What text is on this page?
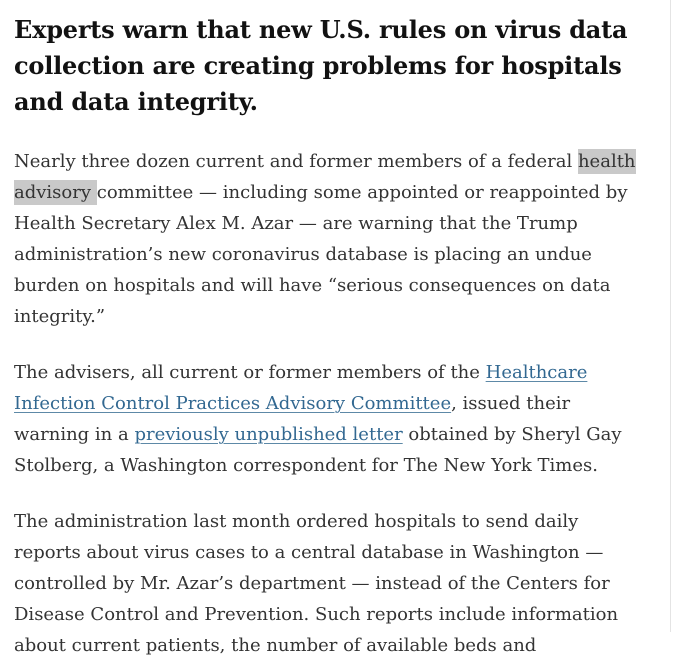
Experts warn that new U.S. rules on virus data collection are creating problems for hospitals and data integrity.

Nearly three dozen current and former members of a federal health advisory committee — including some appointed or reappointed by Health Secretary Alex M. Azar — are warning that the Trump administration’s new coronavirus database is placing an undue burden on hospitals and will have “serious consequences on data integrity.”

The advisers, all current or former members of the Healthcare Infection Control Practices Advisory Committee, issued their warning in a previously unpublished letter obtained by Sheryl Gay Stolberg, a Washington correspondent for The New York Times.

The administration last month ordered hospitals to send daily reports about virus cases to a central database in Washington — controlled by Mr. Azar’s department — instead of the Centers for Disease Control and Prevention. Such reports include information about current patients, the number of available beds and
